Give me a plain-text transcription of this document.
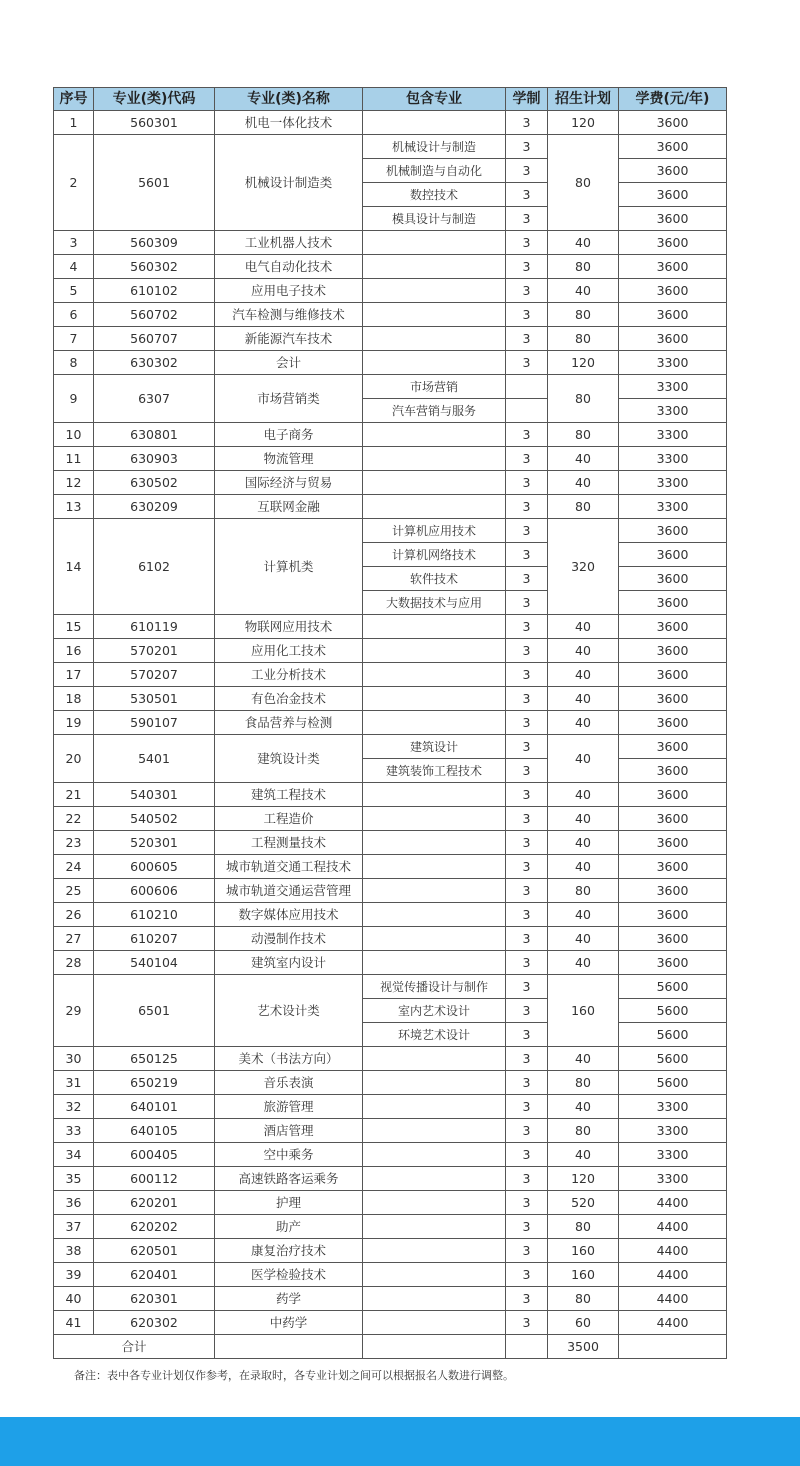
序号	专业(类)代码	专业(类)名称	包含专业	学制	招生计划	学费(元/年)
1	560301	机电一体化技术		3	120	3600
2	5601	机械设计制造类	机械设计与制造	3	80	3600
			机械制造与自动化	3		3600
			数控技术	3		3600
			模具设计与制造	3		3600
3	560309	工业机器人技术		3	40	3600
4	560302	电气自动化技术		3	80	3600
5	610102	应用电子技术		3	40	3600
6	560702	汽车检测与维修技术		3	80	3600
7	560707	新能源汽车技术		3	80	3600
8	630302	会计		3	120	3300
9	6307	市场营销类	市场营销		80	3300
			汽车营销与服务			3300
10	630801	电子商务		3	80	3300
11	630903	物流管理		3	40	3300
12	630502	国际经济与贸易		3	40	3300
13	630209	互联网金融		3	80	3300
14	6102	计算机类	计算机应用技术	3	320	3600
			计算机网络技术	3		3600
			软件技术	3		3600
			大数据技术与应用	3		3600
15	610119	物联网应用技术		3	40	3600
16	570201	应用化工技术		3	40	3600
17	570207	工业分析技术		3	40	3600
18	530501	有色冶金技术		3	40	3600
19	590107	食品营养与检测		3	40	3600
20	5401	建筑设计类	建筑设计	3	40	3600
			建筑装饰工程技术	3		3600
21	540301	建筑工程技术		3	40	3600
22	540502	工程造价		3	40	3600
23	520301	工程测量技术		3	40	3600
24	600605	城市轨道交通工程技术		3	40	3600
25	600606	城市轨道交通运营管理		3	80	3600
26	610210	数字媒体应用技术		3	40	3600
27	610207	动漫制作技术		3	40	3600
28	540104	建筑室内设计		3	40	3600
29	6501	艺术设计类	视觉传播设计与制作	3	160	5600
			室内艺术设计	3		5600
			环境艺术设计	3		5600
30	650125	美术（书法方向）		3	40	5600
31	650219	音乐表演		3	80	5600
32	640101	旅游管理		3	40	3300
33	640105	酒店管理		3	80	3300
34	600405	空中乘务		3	40	3300
35	600112	高速铁路客运乘务		3	120	3300
36	620201	护理		3	520	4400
37	620202	助产		3	80	4400
38	620501	康复治疗技术		3	160	4400
39	620401	医学检验技术		3	160	4400
40	620301	药学		3	80	4400
41	620302	中药学		3	60	4400
合计					3500	
备注：表中各专业计划仅作参考，在录取时，各专业计划之间可以根据报名人数进行调整。
